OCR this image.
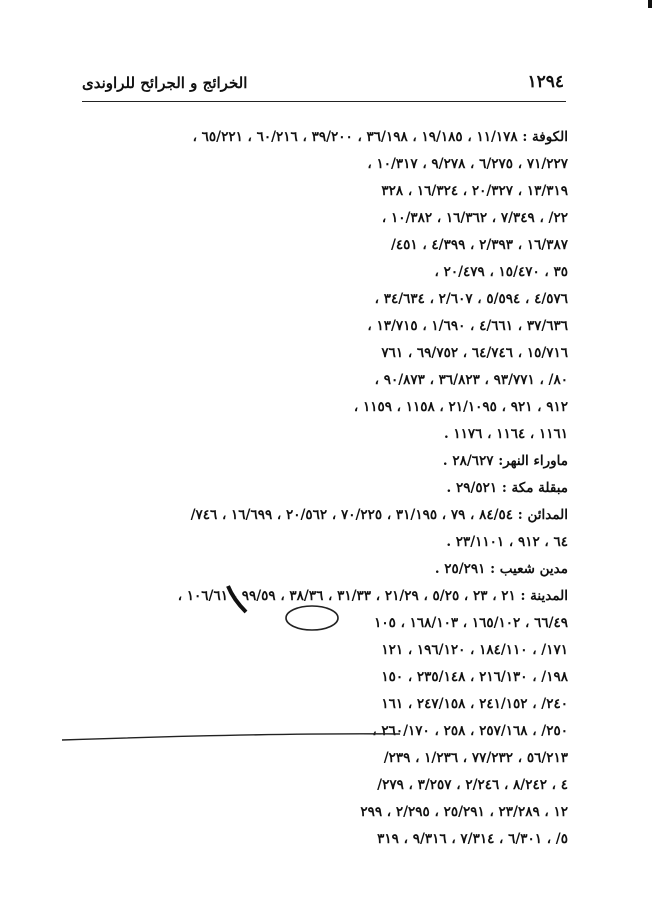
١٢٩٤
الخرائج و الجرائح للراوندى
الكوفة : ١١/١٧٨ ، ١٩/١٨٥ ، ٣٦/١٩٨ ، ٣٩/٢٠٠ ، ٦٠/٢١٦ ، ٦٥/٢٢١ ،
٧١/٢٢٧ ، ٦/٢٧٥ ، ٩/٢٧٨ ، ١٠/٣١٧ ،
١٣/٣١٩ ، ٢٠/٣٢٧ ، ١٦/٣٢٤ ، ٣٢٨
٢٢/ ، ٧/٣٤٩ ، ١٦/٣٦٢ ، ١٠/٣٨٢ ،
١٦/٣٨٧ ، ٢/٣٩٣ ، ٤/٣٩٩ ، ٤٥١/
٣٥ ، ١٥/٤٧٠ ، ٢٠/٤٧٩ ،
٤/٥٧٦ ، ٥/٥٩٤ ، ٢/٦٠٧ ، ٣٤/٦٣٤ ،
٣٧/٦٣٦ ، ٤/٦٦١ ، ١/٦٩٠ ، ١٣/٧١٥ ،
١٥/٧١٦ ، ٦٤/٧٤٦ ، ٦٩/٧٥٢ ، ٧٦١
٨٠/ ، ٩٣/٧٧١ ، ٣٦/٨٢٣ ، ٩٠/٨٧٣ ،
٩١٢ ، ٩٢١ ، ٢١/١٠٩٥ ، ١١٥٨ ، ١١٥٩ ،
١١٦١ ، ١١٦٤ ، ١١٧٦ .
ماوراء النهر: ٢٨/٦٢٧ .
مبقلة مكة : ٢٩/٥٢١ .
المدائن : ٨٤/٥٤ ، ٧٩ ، ٣١/١٩٥ ، ٧٠/٢٢٥ ، ٢٠/٥٦٢ ، ١٦/٦٩٩ ، ٧٤٦/
٦٤ ، ٩١٢ ، ٢٣/١١٠١ .
مدين شعيب : ٢٥/٢٩١ .
المدينة : ٢١ ، ٢٣ ، ٥/٢٥ ، ٢١/٢٩ ، ٣١/٣٣ ، ٣٨/٣٦ ، ٩٩/٥٩ ، ١٠٦/٦١ ،
٦٦/٤٩ ، ١٦٥/١٠٢ ، ١٦٨/١٠٣ ، ١٠٥
١٧١/ ، ١٨٤/١١٠ ، ١٩٦/١٢٠ ، ١٢١
١٩٨/ ، ٢١٦/١٣٠ ، ٢٣٥/١٤٨ ، ١٥٠
٢٤٠/ ، ٢٤١/١٥٢ ، ٢٤٧/١٥٨ ، ١٦١
٢٥٠/ ، ٢٥٧/١٦٨ ، ٢٥٨ ، ٢٦٠/١٧٠ ،
٥٦/٢١٣ ، ٧٧/٢٣٢ ، ١/٢٣٦ ، ٢٣٩/
٤ ، ٨/٢٤٢ ، ٢/٢٤٦ ، ٣/٢٥٧ ، ٢٧٩/
١٢ ، ٢٣/٢٨٩ ، ٢٥/٢٩١ ، ٢/٢٩٥ ، ٢٩٩
٥/ ، ٦/٣٠١ ، ٧/٣١٤ ، ٩/٣١٦ ، ٣١٩
